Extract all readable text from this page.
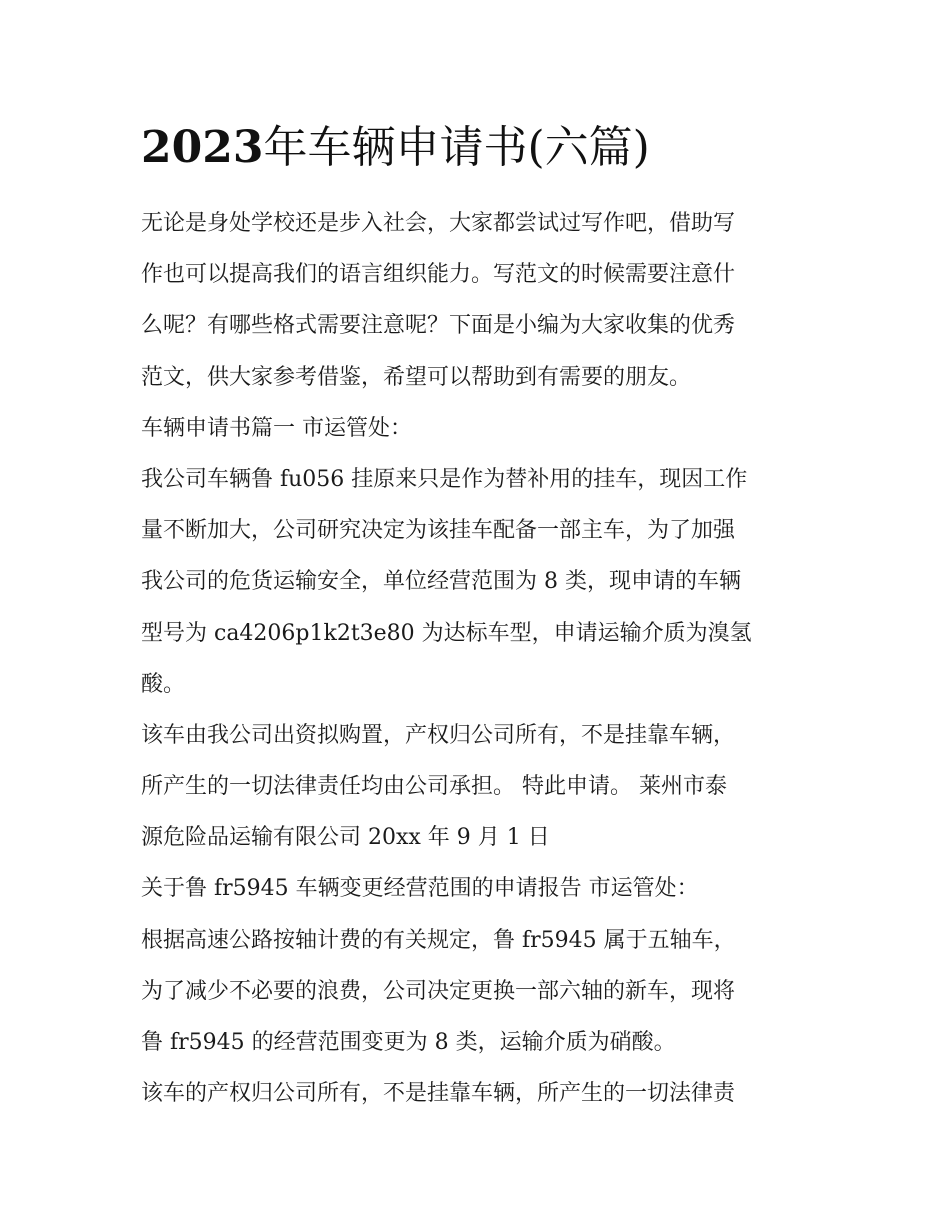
2023年车辆申请书(六篇)
无论是身处学校还是步入社会，大家都尝试过写作吧，借助写
作也可以提高我们的语言组织能力。写范文的时候需要注意什
么呢？有哪些格式需要注意呢？下面是小编为大家收集的优秀
范文，供大家参考借鉴，希望可以帮助到有需要的朋友。
车辆申请书篇一 市运管处：
我公司车辆鲁 fu056 挂原来只是作为替补用的挂车，现因工作
量不断加大，公司研究决定为该挂车配备一部主车，为了加强
我公司的危货运输安全，单位经营范围为 8 类，现申请的车辆
型号为 ca4206p1k2t3e80 为达标车型，申请运输介质为溴氢
酸。
该车由我公司出资拟购置，产权归公司所有，不是挂靠车辆，
所产生的一切法律责任均由公司承担。 特此申请。 莱州市泰
源危险品运输有限公司 20xx 年 9 月 1 日
关于鲁 fr5945 车辆变更经营范围的申请报告 市运管处：
根据高速公路按轴计费的有关规定，鲁 fr5945 属于五轴车，
为了减少不必要的浪费，公司决定更换一部六轴的新车，现将
鲁 fr5945 的经营范围变更为 8 类，运输介质为硝酸。
该车的产权归公司所有，不是挂靠车辆，所产生的一切法律责
